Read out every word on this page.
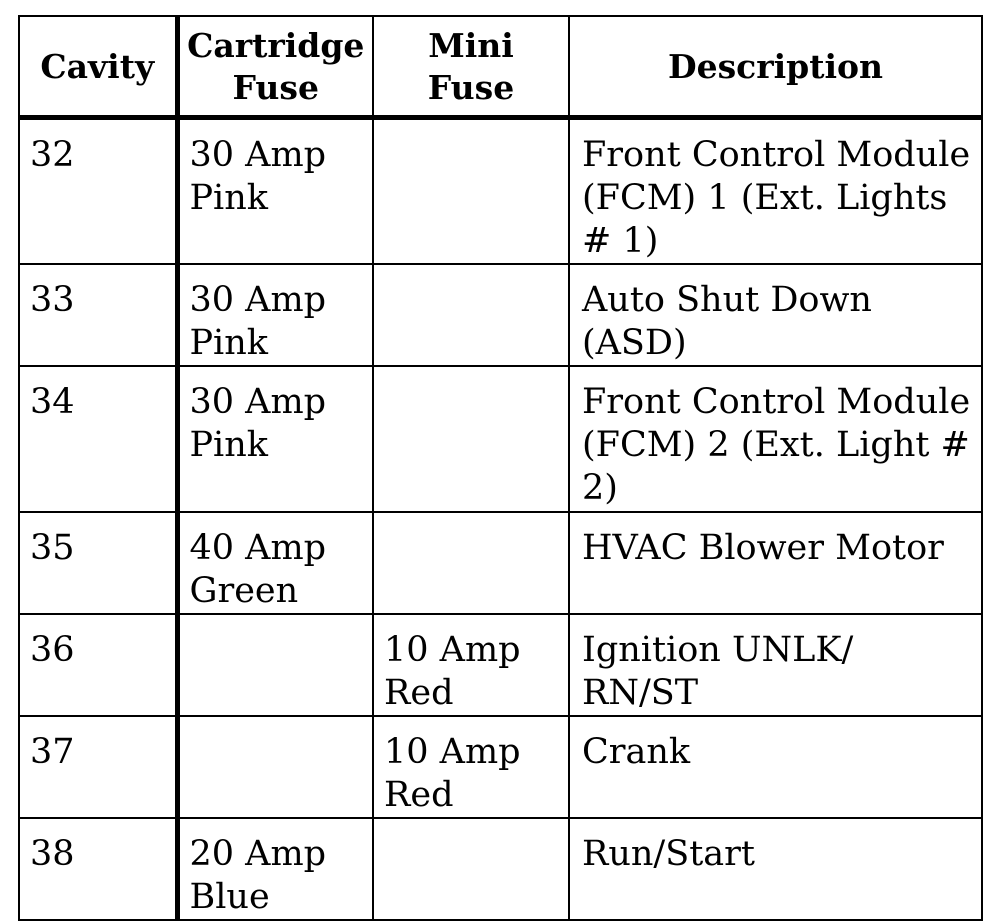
Cavity	Cartridge Fuse	Mini Fuse	Description
32	30 Amp Pink		Front Control Module (FCM) 1 (Ext. Lights # 1)
33	30 Amp Pink		Auto Shut Down (ASD)
34	30 Amp Pink		Front Control Module (FCM) 2 (Ext. Light # 2)
35	40 Amp Green		HVAC Blower Motor
36		10 Amp Red	Ignition UNLK/ RN/ST
37		10 Amp Red	Crank
38	20 Amp Blue		Run/Start
